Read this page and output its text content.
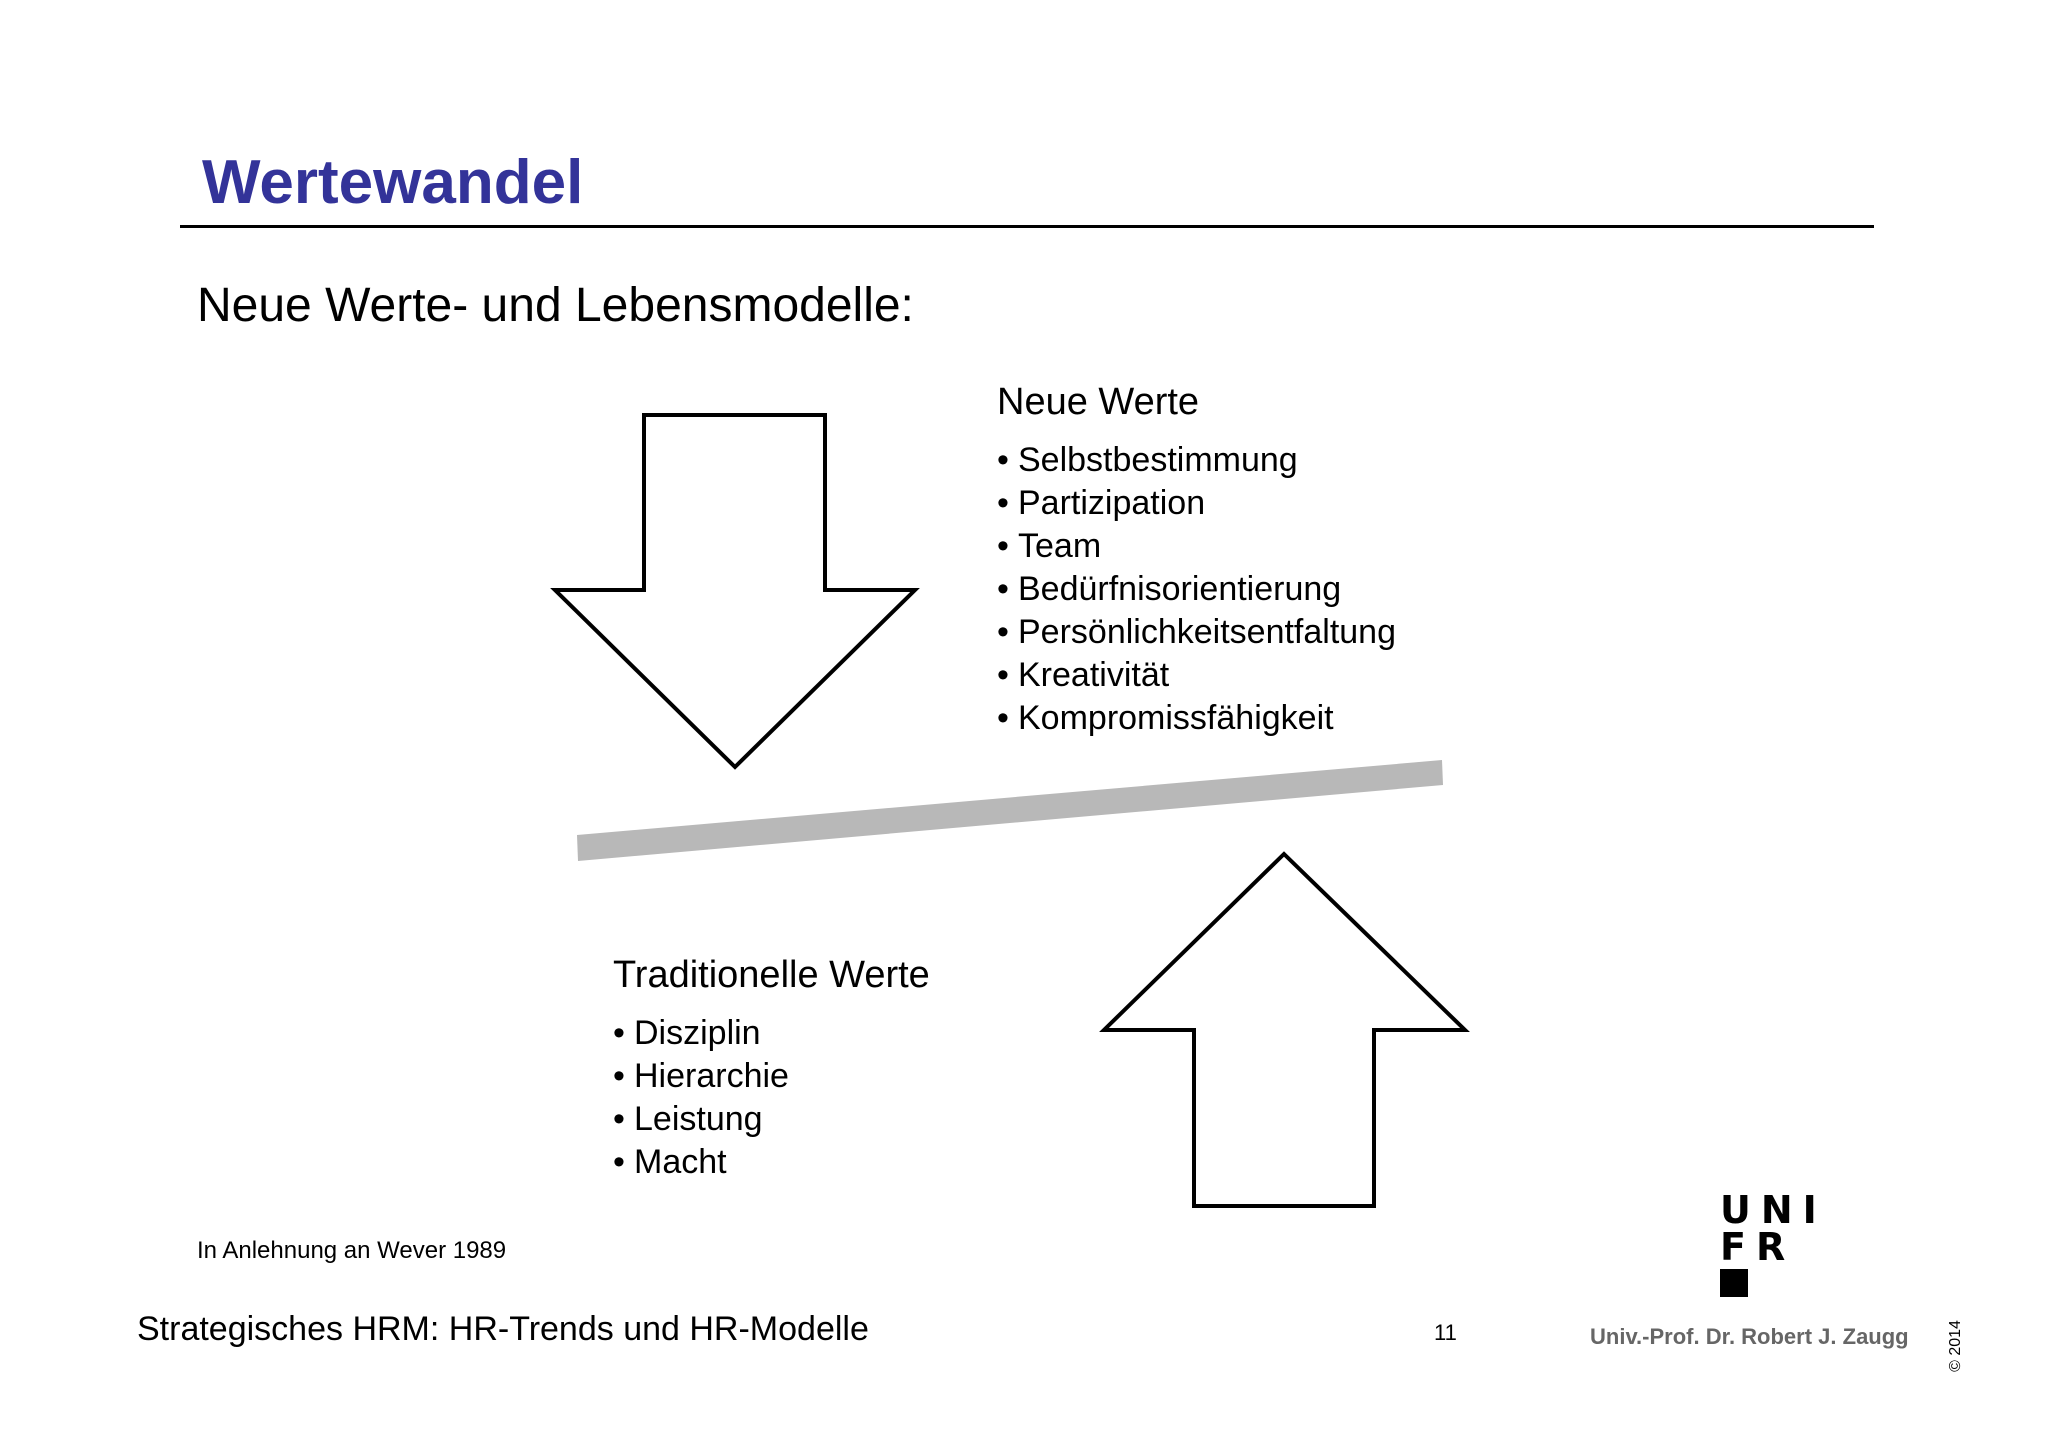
Wertewandel
Neue Werte- und Lebensmodelle:
Neue Werte
• Selbstbestimmung
• Partizipation
• Team
• Bedürfnisorientierung
• Persönlichkeitsentfaltung
• Kreativität
• Kompromissfähigkeit
Traditionelle Werte
• Disziplin
• Hierarchie
• Leistung
• Macht
UNI
FR
In Anlehnung an Wever 1989
Strategisches HRM: HR-Trends und HR-Modelle	11	Univ.-Prof. Dr. Robert J. Zaugg © 2014
